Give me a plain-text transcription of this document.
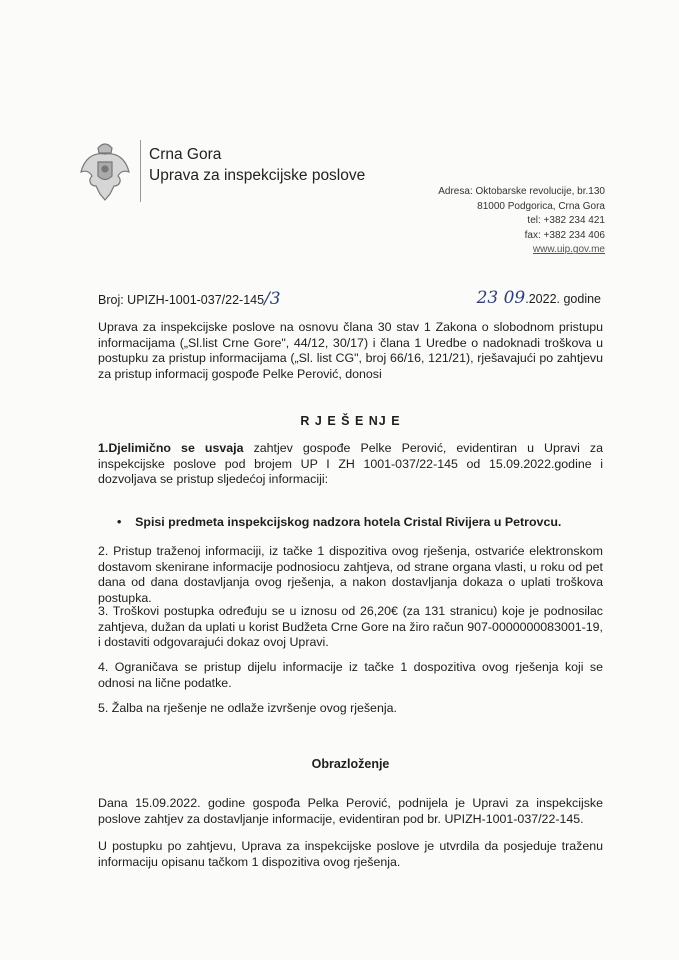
Crna Gora
Uprava za inspekcijske poslove
Adresa: Oktobarske revolucije, br.130
81000 Podgorica, Crna Gora
tel: +382 234 421
fax: +382 234 406
www.uip.gov.me
Broj: UPIZH-1001-037/22-145/3	23 09.2022. godine
Uprava za inspekcijske poslove na osnovu člana 30 stav 1 Zakona o slobodnom pristupu informacijama („Sl.list Crne Gore", 44/12, 30/17) i člana 1 Uredbe o nadoknadi troškova u postupku za pristup informacijama („Sl. list CG", broj 66/16, 121/21), rješavajući po zahtjevu za pristup informacij gospođe Pelke Perović, donosi
R J E Š E NJ E
1.Djelimično se usvaja zahtjev gospođe Pelke Perović, evidentiran u Upravi za inspekcijske poslove pod brojem UP I ZH 1001-037/22-145 od 15.09.2022.godine i dozvoljava se pristup sljedećoj informaciji:
•    Spisi predmeta inspekcijskog nadzora hotela Cristal Rivijera u Petrovcu.
2. Pristup traženoj informaciji, iz tačke 1 dispozitiva ovog rješenja, ostvariće elektronskom dostavom skenirane informacije podnosiocu zahtjeva, od strane organa vlasti, u roku od pet dana od dana dostavljanja ovog rješenja, a nakon dostavljanja dokaza o uplati troškova postupka.
3. Troškovi postupka određuju se u iznosu od 26,20€ (za 131 stranicu) koje je podnosilac zahtjeva, dužan da uplati u korist Budžeta Crne Gore na žiro račun 907-0000000083001-19, i dostaviti odgovarajući dokaz ovoj Upravi.
4. Ograničava se pristup dijelu informacije iz tačke 1 dospozitiva ovog rješenja koji se odnosi na lične podatke.
5. Žalba na rješenje ne odlaže izvršenje ovog rješenja.
Obrazloženje
Dana 15.09.2022. godine gospođa Pelka Perović, podnijela je Upravi za inspekcijske poslove zahtjev za dostavljanje informacije, evidentiran pod br. UPIZH-1001-037/22-145.
U postupku po zahtjevu, Uprava za inspekcijske poslove je utvrdila da posjeduje traženu informaciju opisanu tačkom 1 dispozitiva ovog rješenja.
